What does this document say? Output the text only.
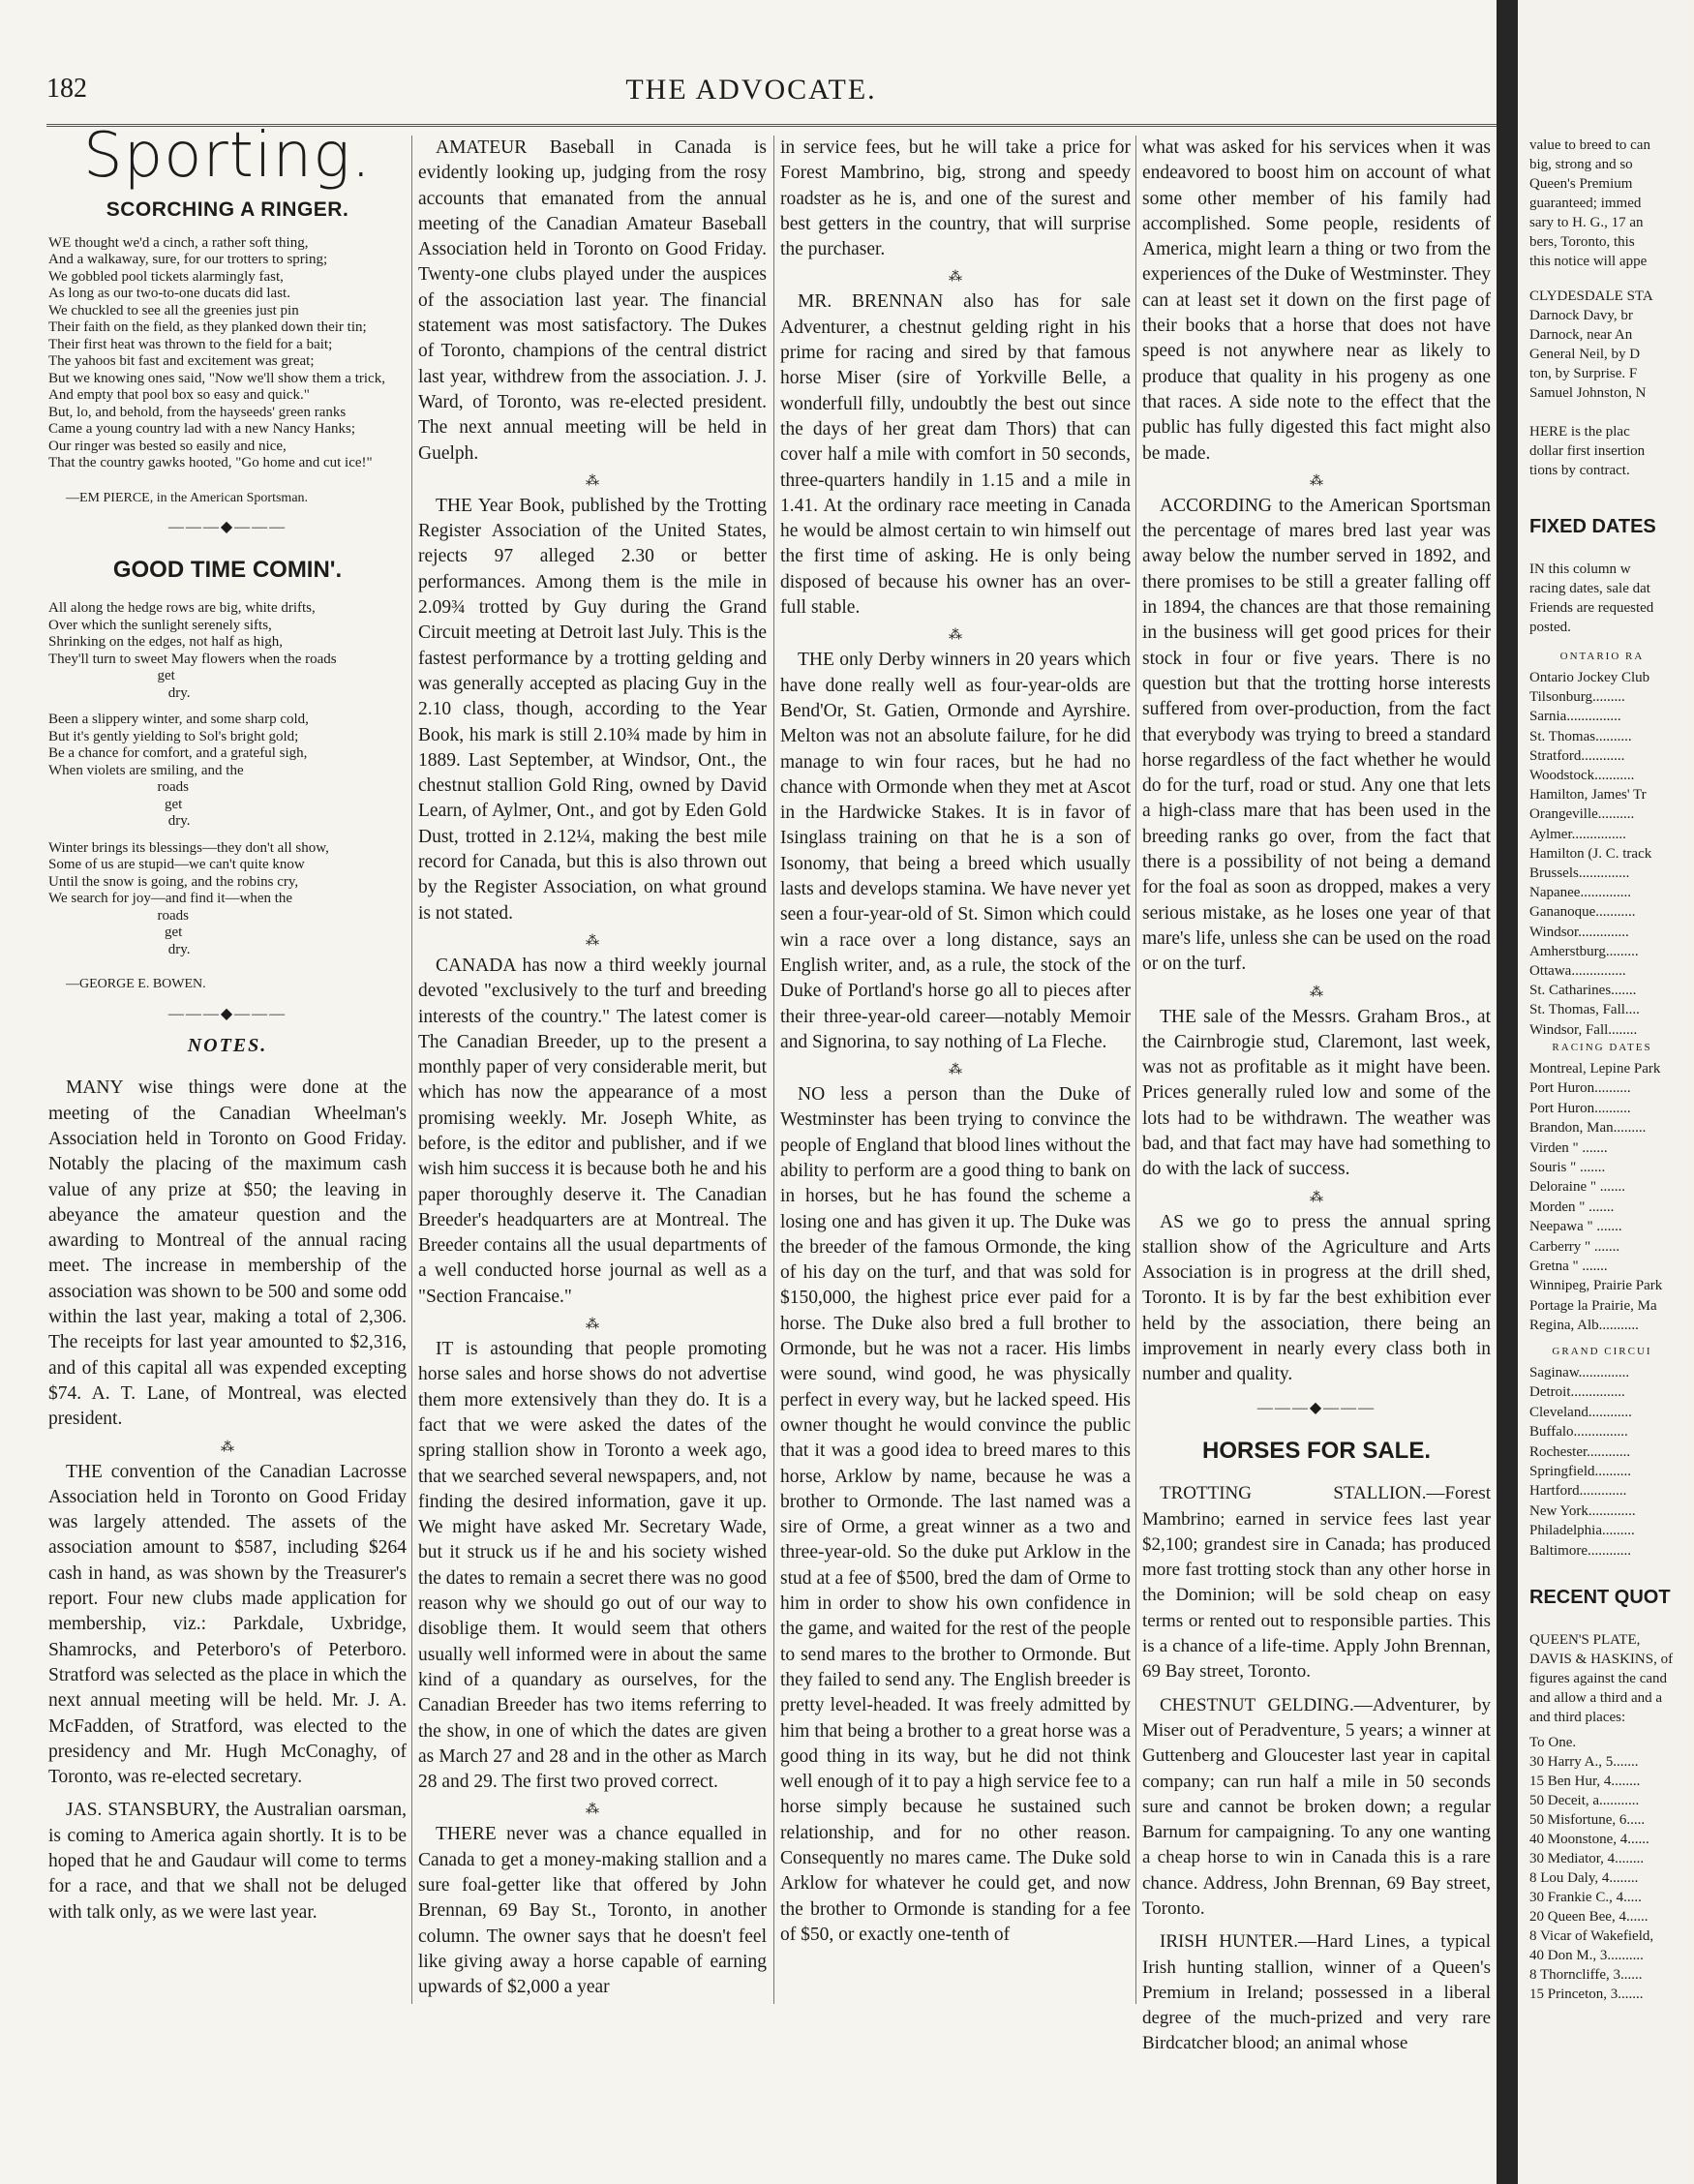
182	THE ADVOCATE.
Sporting.
SCORCHING A RINGER.
WE thought we'd a cinch, a rather soft thing,
And a walkaway, sure, for our trotters to spring;
We gobbled pool tickets alarmingly fast,
As long as our two-to-one ducats did last.
We chuckled to see all the greenies just pin
Their faith on the field, as they planked down their tin;
Their first heat was thrown to the field for a bait;
The yahoos bit fast and excitement was great;
But we knowing ones said, "Now we'll show them a trick,
And empty that pool box so easy and quick."
But, lo, and behold, from the hayseeds' green ranks
Came a young country lad with a new Nancy Hanks;
Our ringer was bested so easily and nice,
That the country gawks hooted, "Go home and cut ice!"
—EM PIERCE, in the American Sportsman.
———◆———
GOOD TIME COMIN'.
All along the hedge rows are big, white drifts,
Over which the sunlight serenely sifts,
Shrinking on the edges, not half as high,
They'll turn to sweet May flowers when the roads
get
dry.
Been a slippery winter, and some sharp cold,
But it's gently yielding to Sol's bright gold;
Be a chance for comfort, and a grateful sigh,
When violets are smiling, and the
roads
get
dry.
Winter brings its blessings—they don't all show,
Some of us are stupid—we can't quite know
Until the snow is going, and the robins cry,
We search for joy—and find it—when the
roads
get
dry.
—GEORGE E. BOWEN.
———◆———
NOTES.

MANY wise things were done at the meeting of the Canadian Wheelman's Association held in Toronto on Good Friday. Notably the placing of the maximum cash value of any prize at $50; the leaving in abeyance the amateur question and the awarding to Montreal of the annual racing meet. The increase in membership of the association was shown to be 500 and some odd within the last year, making a total of 2,306. The receipts for last year amounted to $2,316, and of this capital all was expended excepting $74. A. T. Lane, of Montreal, was elected president.

⁂

THE convention of the Canadian Lacrosse Association held in Toronto on Good Friday was largely attended. The assets of the association amount to $587, including $264 cash in hand, as was shown by the Treasurer's report. Four new clubs made application for membership, viz.: Parkdale, Uxbridge, Shamrocks, and Peterboro's of Peterboro. Stratford was selected as the place in which the next annual meeting will be held. Mr. J. A. McFadden, of Stratford, was elected to the presidency and Mr. Hugh McConaghy, of Toronto, was re-elected secretary.

JAS. STANSBURY, the Australian oarsman, is coming to America again shortly. It is to be hoped that he and Gaudaur will come to terms for a race, and that we shall not be deluged with talk only, as we were last year.

AMATEUR Baseball in Canada is evidently looking up, judging from the rosy accounts that emanated from the annual meeting of the Canadian Amateur Baseball Association held in Toronto on Good Friday. Twenty-one clubs played under the auspices of the association last year. The financial statement was most satisfactory. The Dukes of Toronto, champions of the central district last year, withdrew from the association. J. J. Ward, of Toronto, was re-elected president. The next annual meeting will be held in Guelph.

⁂

THE Year Book, published by the Trotting Register Association of the United States, rejects 97 alleged 2.30 or better performances. Among them is the mile in 2.09¾ trotted by Guy during the Grand Circuit meeting at Detroit last July. This is the fastest performance by a trotting gelding and was generally accepted as placing Guy in the 2.10 class, though, according to the Year Book, his mark is still 2.10¾ made by him in 1889. Last September, at Windsor, Ont., the chestnut stallion Gold Ring, owned by David Learn, of Aylmer, Ont., and got by Eden Gold Dust, trotted in 2.12¼, making the best mile record for Canada, but this is also thrown out by the Register Association, on what ground is not stated.

⁂

CANADA has now a third weekly journal devoted "exclusively to the turf and breeding interests of the country." The latest comer is The Canadian Breeder, up to the present a monthly paper of very considerable merit, but which has now the appearance of a most promising weekly. Mr. Joseph White, as before, is the editor and publisher, and if we wish him success it is because both he and his paper thoroughly deserve it. The Canadian Breeder's headquarters are at Montreal. The Breeder contains all the usual departments of a well conducted horse journal as well as a "Section Francaise."

⁂

IT is astounding that people promoting horse sales and horse shows do not advertise them more extensively than they do. It is a fact that we were asked the dates of the spring stallion show in Toronto a week ago, that we searched several newspapers, and, not finding the desired information, gave it up. We might have asked Mr. Secretary Wade, but it struck us if he and his society wished the dates to remain a secret there was no good reason why we should go out of our way to disoblige them. It would seem that others usually well informed were in about the same kind of a quandary as ourselves, for the Canadian Breeder has two items referring to the show, in one of which the dates are given as March 27 and 28 and in the other as March 28 and 29. The first two proved correct.

⁂

THERE never was a chance equalled in Canada to get a money-making stallion and a sure foal-getter like that offered by John Brennan, 69 Bay St., Toronto, in another column. The owner says that he doesn't feel like giving away a horse capable of earning upwards of $2,000 a year

in service fees, but he will take a price for Forest Mambrino, big, strong and speedy roadster as he is, and one of the surest and best getters in the country, that will surprise the purchaser.

⁂

MR. BRENNAN also has for sale Adventurer, a chestnut gelding right in his prime for racing and sired by that famous horse Miser (sire of Yorkville Belle, a wonderfull filly, undoubtly the best out since the days of her great dam Thors) that can cover half a mile with comfort in 50 seconds, three-quarters handily in 1.15 and a mile in 1.41. At the ordinary race meeting in Canada he would be almost certain to win himself out the first time of asking. He is only being disposed of because his owner has an over-full stable.

⁂

THE only Derby winners in 20 years which have done really well as four-year-olds are Bend'Or, St. Gatien, Ormonde and Ayrshire. Melton was not an absolute failure, for he did manage to win four races, but he had no chance with Ormonde when they met at Ascot in the Hardwicke Stakes. It is in favor of Isinglass training on that he is a son of Isonomy, that being a breed which usually lasts and develops stamina. We have never yet seen a four-year-old of St. Simon which could win a race over a long distance, says an English writer, and, as a rule, the stock of the Duke of Portland's horse go all to pieces after their three-year-old career—notably Memoir and Signorina, to say nothing of La Fleche.

⁂

NO less a person than the Duke of Westminster has been trying to convince the people of England that blood lines without the ability to perform are a good thing to bank on in horses, but he has found the scheme a losing one and has given it up. The Duke was the breeder of the famous Ormonde, the king of his day on the turf, and that was sold for $150,000, the highest price ever paid for a horse. The Duke also bred a full brother to Ormonde, but he was not a racer. His limbs were sound, wind good, he was physically perfect in every way, but he lacked speed. His owner thought he would convince the public that it was a good idea to breed mares to this horse, Arklow by name, because he was a brother to Ormonde. The last named was a sire of Orme, a great winner as a two and three-year-old. So the duke put Arklow in the stud at a fee of $500, bred the dam of Orme to him in order to show his own confidence in the game, and waited for the rest of the people to send mares to the brother to Ormonde. But they failed to send any. The English breeder is pretty level-headed. It was freely admitted by him that being a brother to a great horse was a good thing in its way, but he did not think well enough of it to pay a high service fee to a horse simply because he sustained such relationship, and for no other reason. Consequently no mares came. The Duke sold Arklow for whatever he could get, and now the brother to Ormonde is standing for a fee of $50, or exactly one-tenth of

what was asked for his services when it was endeavored to boost him on account of what some other member of his family had accomplished. Some people, residents of America, might learn a thing or two from the experiences of the Duke of Westminster. They can at least set it down on the first page of their books that a horse that does not have speed is not anywhere near as likely to produce that quality in his progeny as one that races. A side note to the effect that the public has fully digested this fact might also be made.

⁂

ACCORDING to the American Sportsman the percentage of mares bred last year was away below the number served in 1892, and there promises to be still a greater falling off in 1894, the chances are that those remaining in the business will get good prices for their stock in four or five years. There is no question but that the trotting horse interests suffered from over-production, from the fact that everybody was trying to breed a standard horse regardless of the fact whether he would do for the turf, road or stud. Any one that lets a high-class mare that has been used in the breeding ranks go over, from the fact that there is a possibility of not being a demand for the foal as soon as dropped, makes a very serious mistake, as he loses one year of that mare's life, unless she can be used on the road or on the turf.

⁂

THE sale of the Messrs. Graham Bros., at the Cairnbrogie stud, Claremont, last week, was not as profitable as it might have been. Prices generally ruled low and some of the lots had to be withdrawn. The weather was bad, and that fact may have had something to do with the lack of success.

⁂

AS we go to press the annual spring stallion show of the Agriculture and Arts Association is in progress at the drill shed, Toronto. It is by far the best exhibition ever held by the association, there being an improvement in nearly every class both in number and quality.

———◆———
HORSES FOR SALE.

TROTTING STALLION.—Forest Mambrino; earned in service fees last year $2,100; grandest sire in Canada; has produced more fast trotting stock than any other horse in the Dominion; will be sold cheap on easy terms or rented out to responsible parties. This is a chance of a life-time. Apply John Brennan, 69 Bay street, Toronto.

CHESTNUT GELDING.—Adventurer, by Miser out of Peradventure, 5 years; a winner at Guttenberg and Gloucester last year in capital company; can run half a mile in 50 seconds sure and cannot be broken down; a regular Barnum for campaigning. To any one wanting a cheap horse to win in Canada this is a rare chance. Address, John Brennan, 69 Bay street, Toronto.

IRISH HUNTER.—Hard Lines, a typical Irish hunting stallion, winner of a Queen's Premium in Ireland; possessed in a liberal degree of the much-prized and very rare Birdcatcher blood; an animal whose

value to breed to can
big, strong and so
Queen's Premium
guaranteed; immed
sary to H. G., 17 an
bers, Toronto, this
this notice will appe
CLYDESDALE STA
Darnock Davy, br
Darnock, near An
General Neil, by D
ton, by Surprise. F
Samuel Johnston, N
HERE is the plac
dollar first insertion
tions by contract.
FIXED DATES
IN this column w
racing dates, sale dat
Friends are requested
posted.
ONTARIO RA
Ontario Jockey Club
Tilsonburg.........
Sarnia...............
St. Thomas..........
Stratford............
Woodstock...........
Hamilton, James' Tr
Orangeville..........
Aylmer...............
Hamilton (J. C. track
Brussels..............
Napanee..............
Gananoque...........
Windsor..............
Amherstburg.........
Ottawa...............
St. Catharines.......
St. Thomas, Fall....
Windsor, Fall........
RACING DATES
Montreal, Lepine Park
Port Huron..........
Port Huron..........
Brandon, Man.........
Virden " .......
Souris " .......
Deloraine " .......
Morden " .......
Neepawa " .......
Carberry " .......
Gretna " .......
Winnipeg, Prairie Park
Portage la Prairie, Ma
Regina, Alb...........
GRAND CIRCUI
Saginaw..............
Detroit...............
Cleveland............
Buffalo...............
Rochester............
Springfield..........
Hartford.............
New York.............
Philadelphia.........
Baltimore............
RECENT QUOT
QUEEN'S PLATE,
DAVIS & HASKINS, of
figures against the cand
and allow a third and a
and third places:
To One.
30 Harry A., 5.......
15 Ben Hur, 4........
50 Deceit, a...........
50 Misfortune, 6.....
40 Moonstone, 4......
30 Mediator, 4........
8 Lou Daly, 4........
30 Frankie C., 4.....
20 Queen Bee, 4......
8 Vicar of Wakefield,
40 Don M., 3..........
8 Thorncliffe, 3......
15 Princeton, 3.......
